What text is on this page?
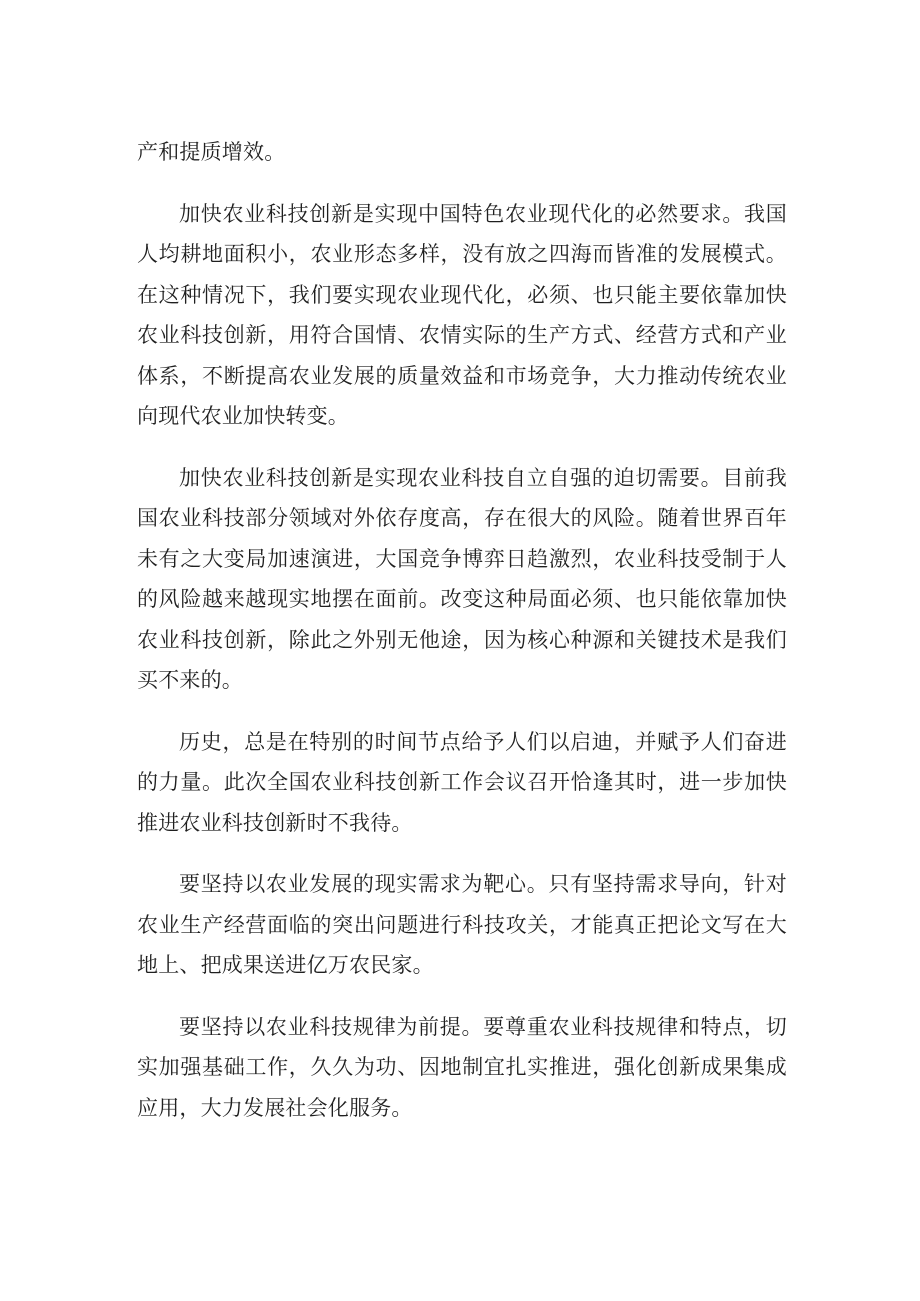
产和提质增效。

加快农业科技创新是实现中国特色农业现代化的必然要求。我国人均耕地面积小，农业形态多样，没有放之四海而皆准的发展模式。在这种情况下，我们要实现农业现代化，必须、也只能主要依靠加快农业科技创新，用符合国情、农情实际的生产方式、经营方式和产业体系，不断提高农业发展的质量效益和市场竞争，大力推动传统农业向现代农业加快转变。

加快农业科技创新是实现农业科技自立自强的迫切需要。目前我国农业科技部分领域对外依存度高，存在很大的风险。随着世界百年未有之大变局加速演进，大国竞争博弈日趋激烈，农业科技受制于人的风险越来越现实地摆在面前。改变这种局面必须、也只能依靠加快农业科技创新，除此之外别无他途，因为核心种源和关键技术是我们买不来的。

历史，总是在特别的时间节点给予人们以启迪，并赋予人们奋进的力量。此次全国农业科技创新工作会议召开恰逢其时，进一步加快推进农业科技创新时不我待。

要坚持以农业发展的现实需求为靶心。只有坚持需求导向，针对农业生产经营面临的突出问题进行科技攻关，才能真正把论文写在大地上、把成果送进亿万农民家。

要坚持以农业科技规律为前提。要尊重农业科技规律和特点，切实加强基础工作，久久为功、因地制宜扎实推进，强化创新成果集成应用，大力发展社会化服务。
